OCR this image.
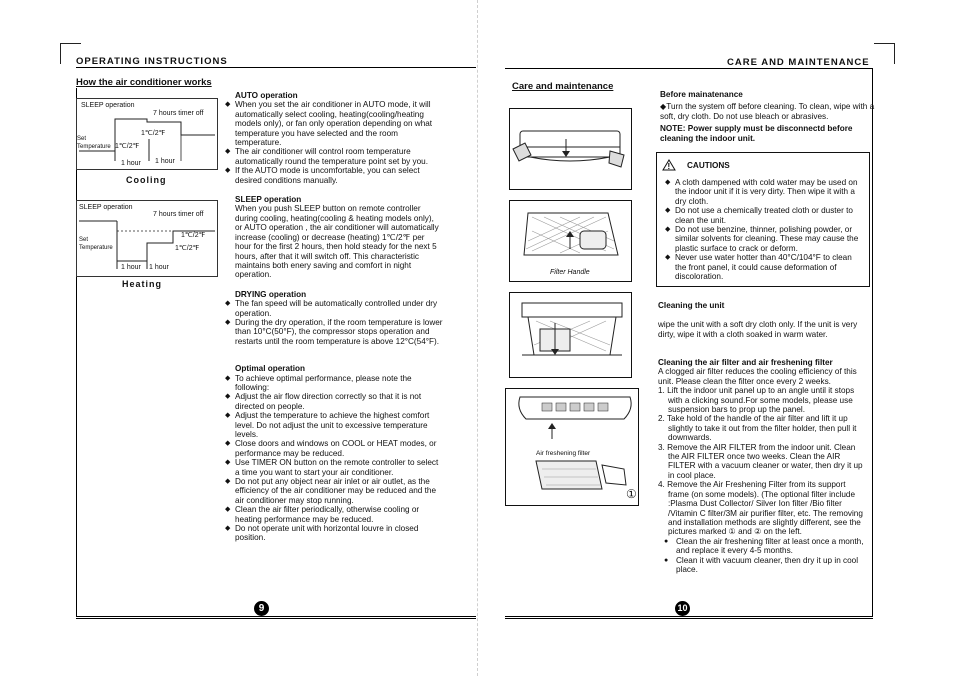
OPERATING INSTRUCTIONS
How the air conditioner works
SLEEP operation
7 hours timer off
Set
Temperature
1℃/2℉
1℃/2℉
1 hour 1 hour
Cooling
SLEEP operation
7 hours timer off
Set
Temperature
1℃/2℉
1℃/2℉
1 hour 1 hour
Heating
AUTO operation
◆ When you set the air conditioner in AUTO mode, it will automatically select cooling, heating(cooling/heating models only), or fan only operation depending on what temperature you have selected and the room temperature.
◆ The air conditioner will control room temperature automatically round the temperature point set by you.
◆ If the AUTO mode is uncomfortable, you can select desired conditions manually.
SLEEP operation
When you push SLEEP button on remote controller during cooling, heating(cooling & heating models only), or AUTO operation , the air conditioner will automatically increase (cooling) or decrease (heating) 1℃/2℉ per hour for the first 2 hours, then hold steady for the next 5 hours, after that it will switch off. This characteristic maintains both enery saving and comfort in night operation.
DRYING operation
◆ The fan speed will be automatically controlled under dry operation.
◆ During the dry operation, if the room temperature is lower than 10°C(50°F), the compressor stops operation and restarts until the room temperature is above 12°C(54°F).
Optimal operation
◆ To achieve optimal performance, please note the following:
◆ Adjust the air flow direction correctly so that it is not directed on people.
◆ Adjust the temperature to achieve the highest comfort level. Do not adjust the unit to excessive temperature levels.
◆ Close doors and windows on COOL or HEAT modes, or performance may be reduced.
◆ Use TIMER ON button on the remote controller to select a time you want to start your air conditioner.
◆ Do not put any object near air inlet or air outlet, as the efficiency of the air conditioner may be reduced and the air conditioner may stop running.
◆ Clean the air filter periodically, otherwise cooling or heating performance may be reduced.
◆ Do not operate unit with horizontal louvre in closed position.
9
CARE AND MAINTENANCE
Care and maintenance
Filter Handle
Air freshening filter
①
Before mainatenance
◆Turn the system off before cleaning. To clean, wipe with a soft, dry cloth. Do not use bleach or abrasives.
NOTE: Power supply must be disconnectd before cleaning the indoor unit.
! CAUTIONS
◆ A cloth dampened with cold water may be used on the indoor unit if it is very dirty. Then wipe it with a dry cloth.
◆ Do not use a chemically treated cloth or duster to clean the unit.
◆ Do not use benzine, thinner, polishing powder, or similar solvents for cleaning. These may cause the plastic surface to crack or deform.
◆ Never use water hotter than 40°C/104°F to clean the front panel, it could cause deformation of discoloration.
Cleaning the unit
wipe the unit with a soft dry cloth only. If the unit is very dirty, wipe it with a cloth soaked in warm water.
Cleaning the air filter and air freshening filter
A clogged air filter reduces the cooling efficiency of this unit. Please clean the filter once every 2 weeks.
1. Lift the indoor unit panel up to an angle until it stops with a clicking sound.For some models, please use suspension bars to prop up the panel.
2. Take hold of the handle of the air filter and lift it up slightly to take it out from the filter holder, then pull it downwards.
3. Remove the AIR FILTER from the indoor unit. Clean the AIR FILTER once two weeks. Clean the AIR FILTER with a vacuum cleaner or water, then dry it up in cool place.
4. Remove the Air Freshening Filter from its support frame (on some models). (The optional filter include :Plasma Dust Collector/ Silver Ion filter /Bio filter /Vitamin C filter/3M air purifier filter, etc. The removing and installation methods are slightly different, see the pictures marked ① and ② on the left.
● Clean the air freshening filter at least once a month, and replace it every 4-5 months.
● Clean it with vacuum cleaner, then dry it up in cool place.
10
